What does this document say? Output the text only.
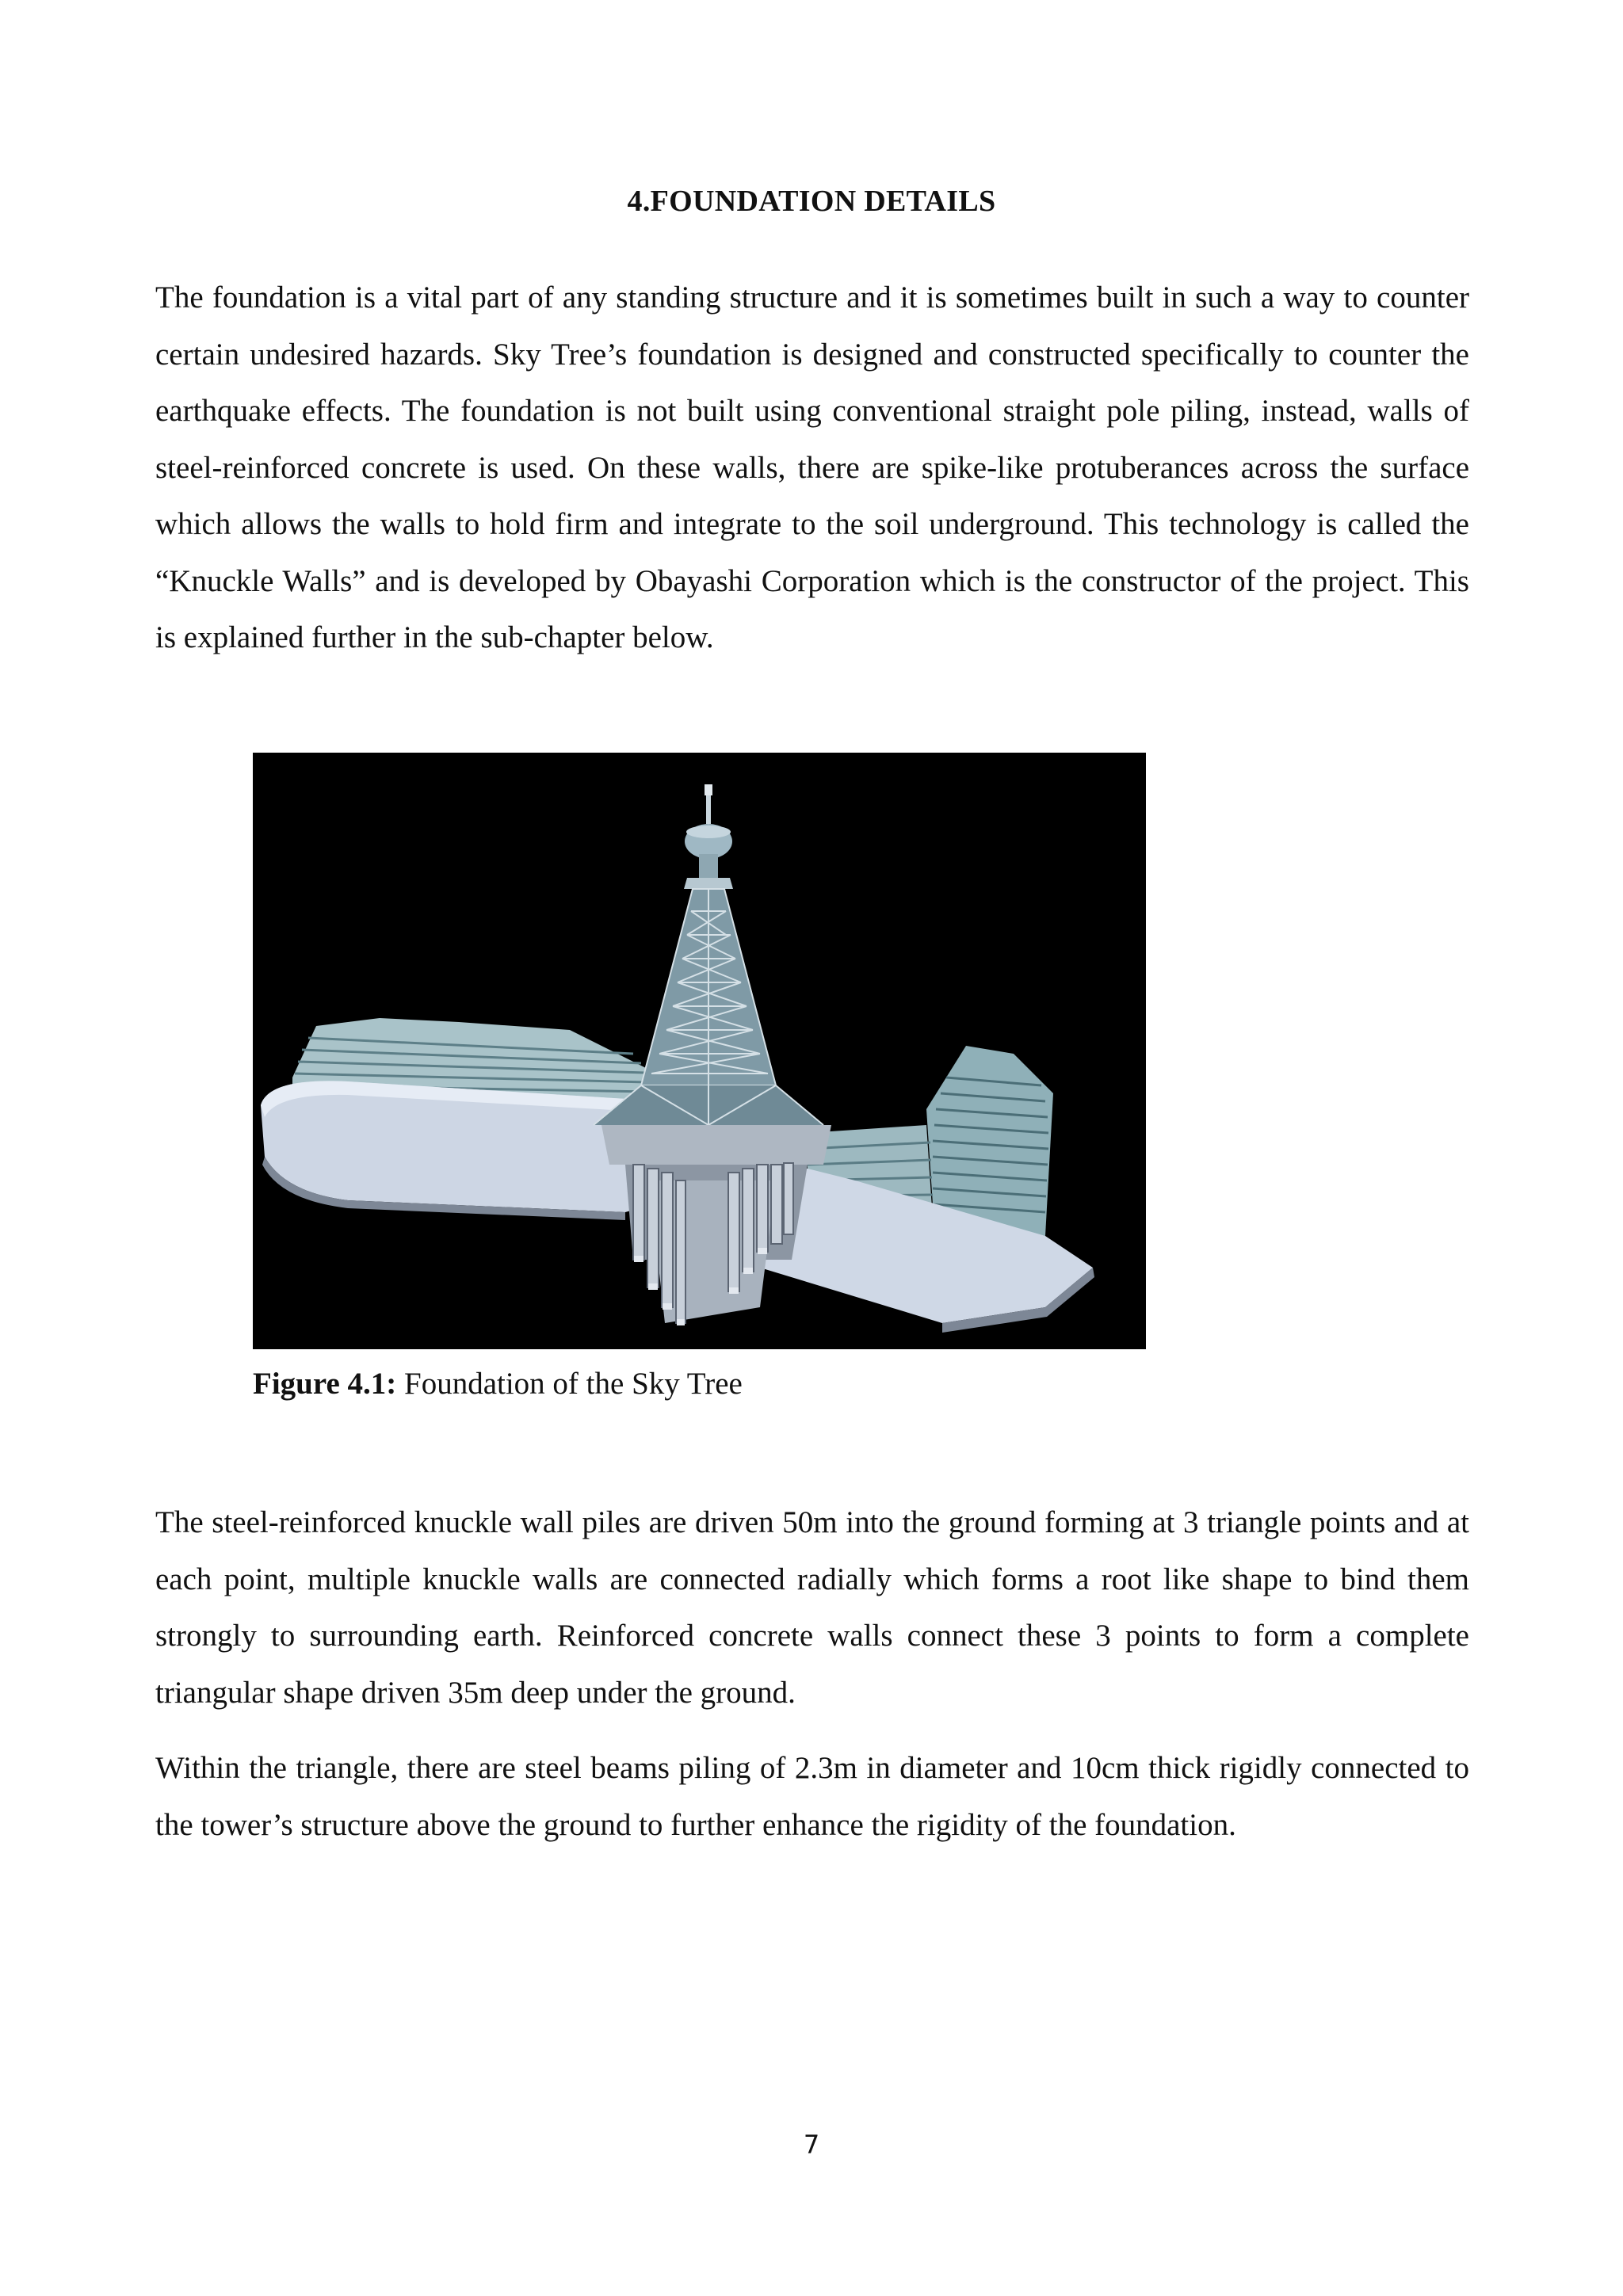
4.FOUNDATION DETAILS

The foundation is a vital part of any standing structure and it is sometimes built in such a way to counter certain undesired hazards. Sky Tree’s foundation is designed and constructed specifically to counter the earthquake effects. The foundation is not built using conventional straight pole piling, instead, walls of steel-reinforced concrete is used. On these walls, there are spike-like protuberances across the surface which allows the walls to hold firm and integrate to the soil underground. This technology is called the “Knuckle Walls” and is developed by Obayashi Corporation which is the constructor of the project. This is explained further in the sub-chapter below.

Figure 4.1: Foundation of the Sky Tree

The steel-reinforced knuckle wall piles are driven 50m into the ground forming at 3 triangle points and at each point, multiple knuckle walls are connected radially which forms a root like shape to bind them strongly to surrounding earth. Reinforced concrete walls connect these 3 points to form a complete triangular shape driven 35m deep under the ground.

Within the triangle, there are steel beams piling of 2.3m in diameter and 10cm thick rigidly connected to the tower’s structure above the ground to further enhance the rigidity of the foundation.

7
